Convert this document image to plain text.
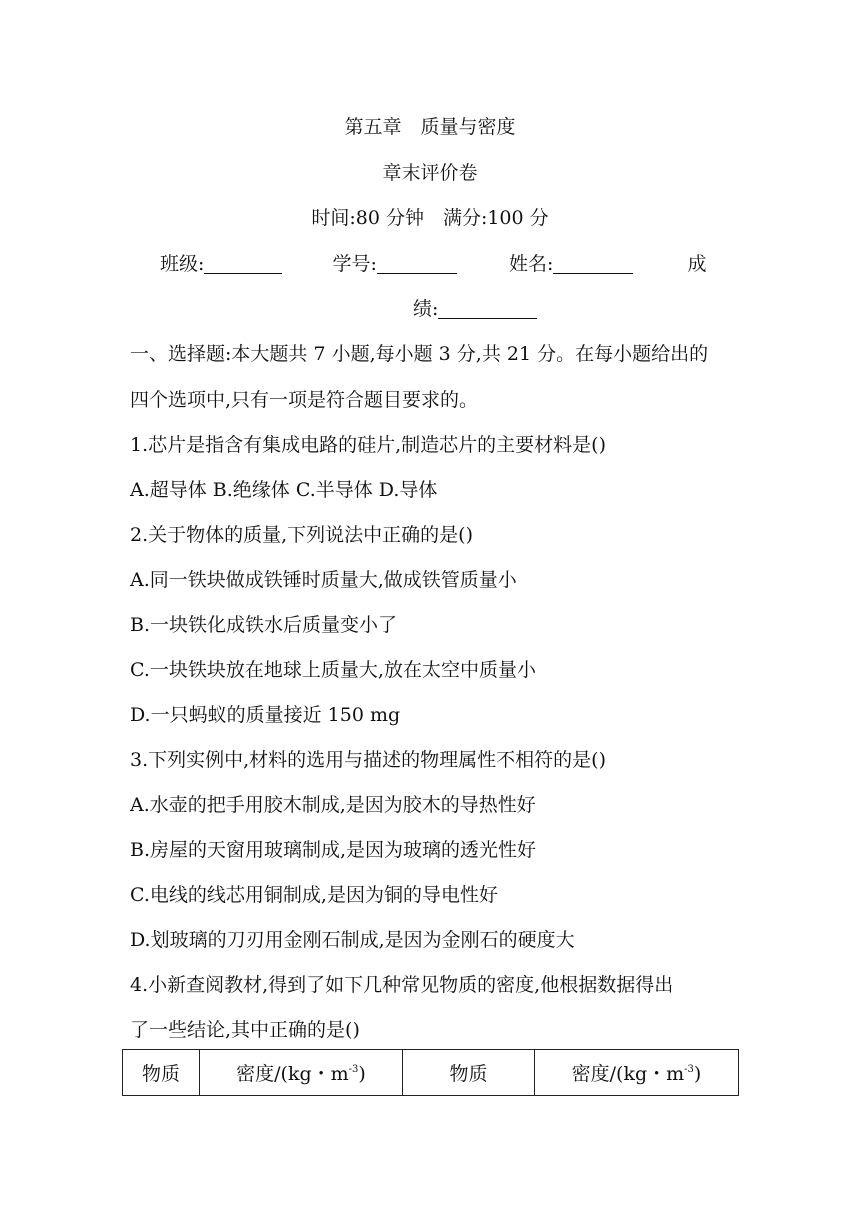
第五章　质量与密度
章末评价卷
时间:80 分钟　满分:100 分
班级:	学号:	姓名:	成
绩:
一、选择题:本大题共 7 小题,每小题 3 分,共 21 分。在每小题给出的
四个选项中,只有一项是符合题目要求的。
1.芯片是指含有集成电路的硅片,制造芯片的主要材料是()
A.超导体 B.绝缘体 C.半导体 D.导体
2.关于物体的质量,下列说法中正确的是()
A.同一铁块做成铁锤时质量大,做成铁管质量小
B.一块铁化成铁水后质量变小了
C.一块铁块放在地球上质量大,放在太空中质量小
D.一只蚂蚁的质量接近 150 mg
3.下列实例中,材料的选用与描述的物理属性不相符的是()
A.水壶的把手用胶木制成,是因为胶木的导热性好
B.房屋的天窗用玻璃制成,是因为玻璃的透光性好
C.电线的线芯用铜制成,是因为铜的导电性好
D.划玻璃的刀刃用金刚石制成,是因为金刚石的硬度大
4.小新查阅教材,得到了如下几种常见物质的密度,他根据数据得出
了一些结论,其中正确的是()
物质	密度/(kg・$m^{-3}$)	物质	密度/(kg・$m^{-3}$)
